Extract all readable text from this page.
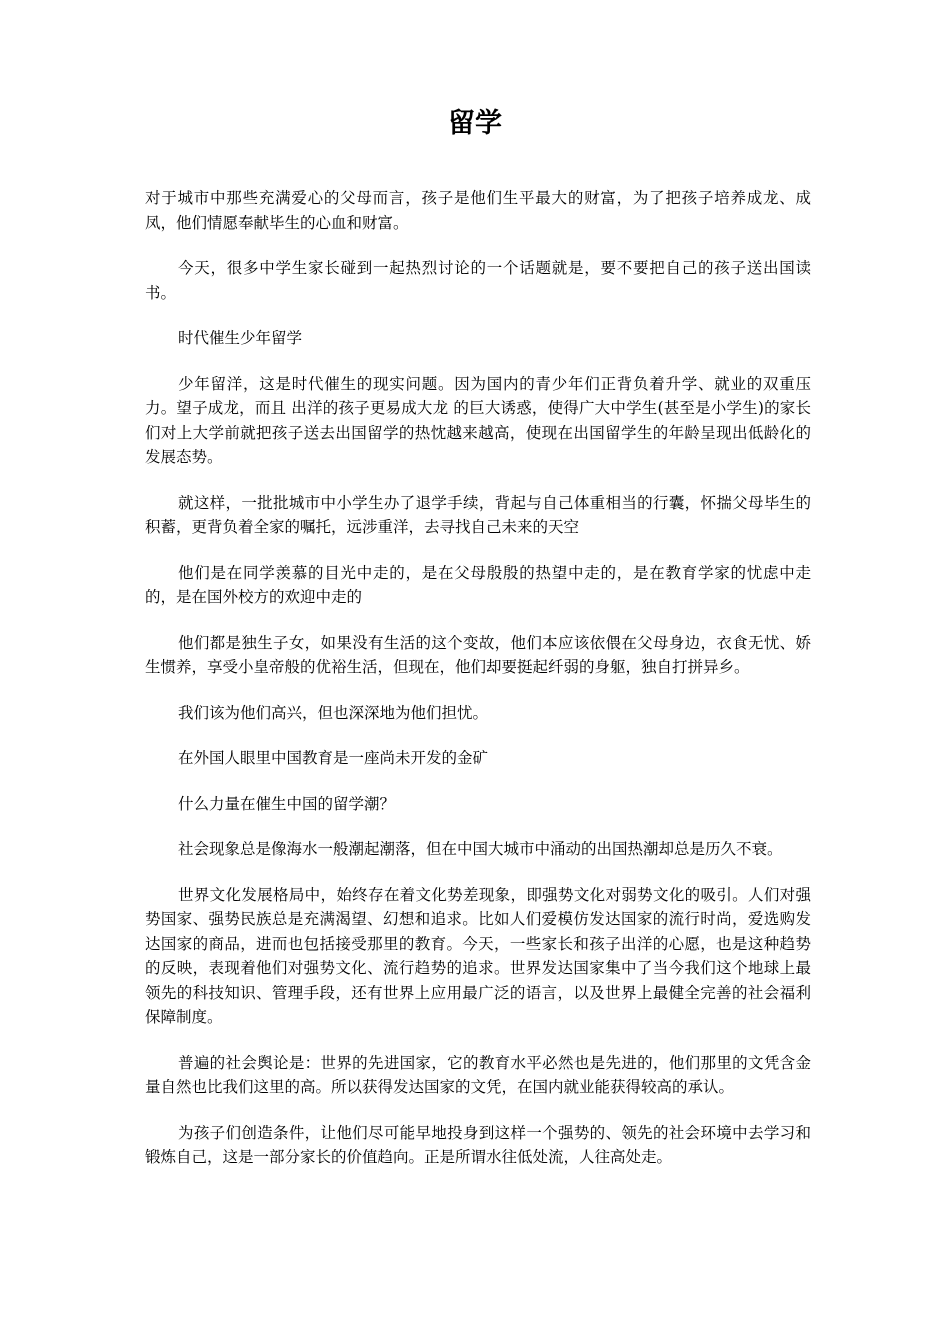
留学

对于城市中那些充满爱心的父母而言，孩子是他们生平最大的财富，为了把孩子培养成龙、成凤，他们情愿奉献毕生的心血和财富。

今天，很多中学生家长碰到一起热烈讨论的一个话题就是，要不要把自己的孩子送出国读书。

时代催生少年留学

少年留洋，这是时代催生的现实问题。因为国内的青少年们正背负着升学、就业的双重压力。望子成龙，而且 出洋的孩子更易成大龙 的巨大诱惑，使得广大中学生(甚至是小学生)的家长们对上大学前就把孩子送去出国留学的热忱越来越高，使现在出国留学生的年龄呈现出低龄化的发展态势。

就这样，一批批城市中小学生办了退学手续，背起与自己体重相当的行囊，怀揣父母毕生的积蓄，更背负着全家的嘱托，远涉重洋，去寻找自己未来的天空

他们是在同学羡慕的目光中走的，是在父母殷殷的热望中走的，是在教育学家的忧虑中走的，是在国外校方的欢迎中走的

他们都是独生子女，如果没有生活的这个变故，他们本应该依偎在父母身边，衣食无忧、娇生惯养，享受小皇帝般的优裕生活，但现在，他们却要挺起纤弱的身躯，独自打拼异乡。

我们该为他们高兴，但也深深地为他们担忧。

在外国人眼里中国教育是一座尚未开发的金矿

什么力量在催生中国的留学潮？

社会现象总是像海水一般潮起潮落，但在中国大城市中涌动的出国热潮却总是历久不衰。

世界文化发展格局中，始终存在着文化势差现象，即强势文化对弱势文化的吸引。人们对强势国家、强势民族总是充满渴望、幻想和追求。比如人们爱模仿发达国家的流行时尚，爱选购发达国家的商品，进而也包括接受那里的教育。今天，一些家长和孩子出洋的心愿，也是这种趋势的反映，表现着他们对强势文化、流行趋势的追求。世界发达国家集中了当今我们这个地球上最领先的科技知识、管理手段，还有世界上应用最广泛的语言，以及世界上最健全完善的社会福利保障制度。

普遍的社会舆论是：世界的先进国家，它的教育水平必然也是先进的，他们那里的文凭含金量自然也比我们这里的高。所以获得发达国家的文凭，在国内就业能获得较高的承认。

为孩子们创造条件，让他们尽可能早地投身到这样一个强势的、领先的社会环境中去学习和锻炼自己，这是一部分家长的价值趋向。正是所谓水往低处流，人往高处走。
